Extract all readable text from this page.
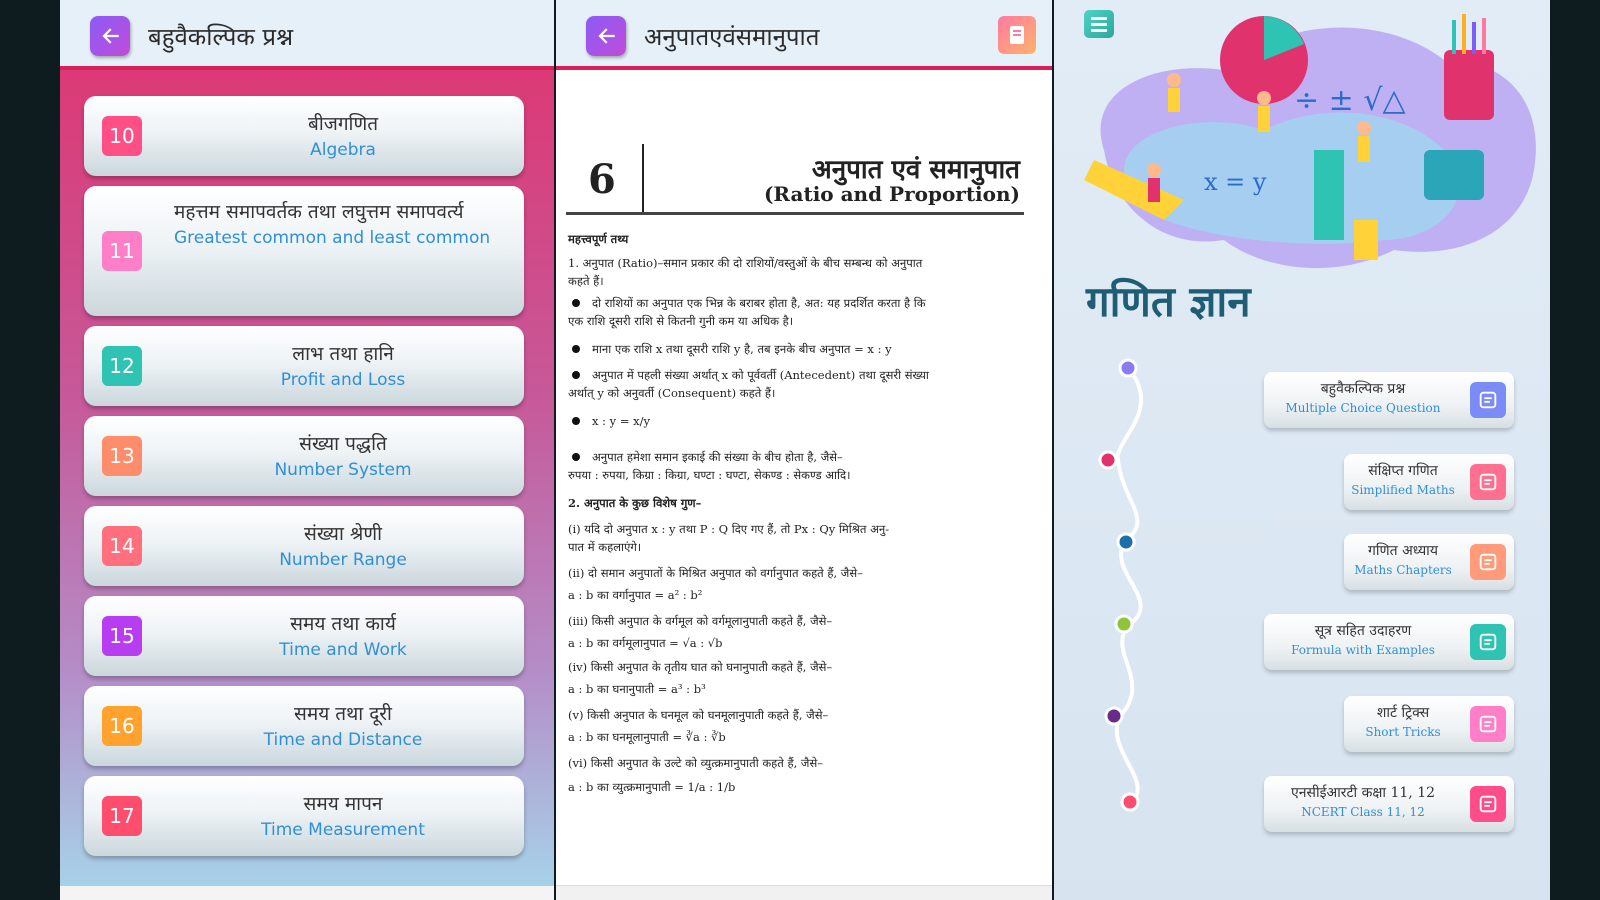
बहुवैकल्पिक प्रश्न
10	बीजगणित
Algebra
11
महत्तम समापवर्तक तथा लघुत्तम समापवर्त्य
Greatest common and least common
12	लाभ तथा हानि
Profit and Loss
13	संख्या पद्धति
Number System
14	संख्या श्रेणी
Number Range
15	समय तथा कार्य
Time and Work
16	समय तथा दूरी
Time and Distance
17	समय मापन
Time Measurement
अनुपातएवंसमानुपात
6	अनुपात एवं समानुपात
(Ratio and Proportion)
महत्त्वपूर्ण तथ्य
1. अनुपात (Ratio)–समान प्रकार की दो राशियों/वस्तुओं के बीच सम्बन्ध को अनुपात
कहते हैं।
दो राशियों का अनुपात एक भिन्न के बराबर होता है, अत: यह प्रदर्शित करता है कि
एक राशि दूसरी राशि से कितनी गुनी कम या अधिक है।
माना एक राशि x तथा दूसरी राशि y है, तब इनके बीच अनुपात = x : y
अनुपात में पहली संख्या अर्थात् x को पूर्ववर्ती (Antecedent) तथा दूसरी संख्या
अर्थात् y को अनुवर्ती (Consequent) कहते हैं।
x : y = x/y
अनुपात हमेशा समान इकाई की संख्या के बीच होता है, जैसे–
रुपया : रुपया, किग्रा : किग्रा, घण्टा : घण्टा, सेकण्ड : सेकण्ड आदि।
2. अनुपात के कुछ विशेष गुण–
(i) यदि दो अनुपात x : y तथा P : Q दिए गए हैं, तो Px : Qy मिश्रित अनु-
पात में कहलाएंगे।
(ii) दो समान अनुपातों के मिश्रित अनुपात को वर्गानुपात कहते हैं, जैसे–
a : b का वर्गानुपात = a² : b²
(iii) किसी अनुपात के वर्गमूल को वर्गमूलानुपाती कहते हैं, जैसे–
a : b का वर्गमूलानुपात = √a : √b
(iv) किसी अनुपात के तृतीय घात को घनानुपाती कहते हैं, जैसे–
a : b का घनानुपाती = a³ : b³
(v) किसी अनुपात के घनमूल को घनमूलानुपाती कहते हैं, जैसे–
a : b का घनमूलानुपाती = ∛a : ∛b
(vi) किसी अनुपात के उल्टे को व्युत्क्रमानुपाती कहते हैं, जैसे–
a : b का व्युत्क्रमानुपाती = 1/a : 1/b
÷ ± √△
x = y
गणित ज्ञान
बहुवैकल्पिक प्रश्न
Multiple Choice Question
संक्षिप्त गणित
Simplified Maths
गणित अध्याय
Maths Chapters
सूत्र सहित उदाहरण
Formula with Examples
शार्ट ट्रिक्स
Short Tricks
एनसीईआरटी कक्षा 11, 12
NCERT Class 11, 12
